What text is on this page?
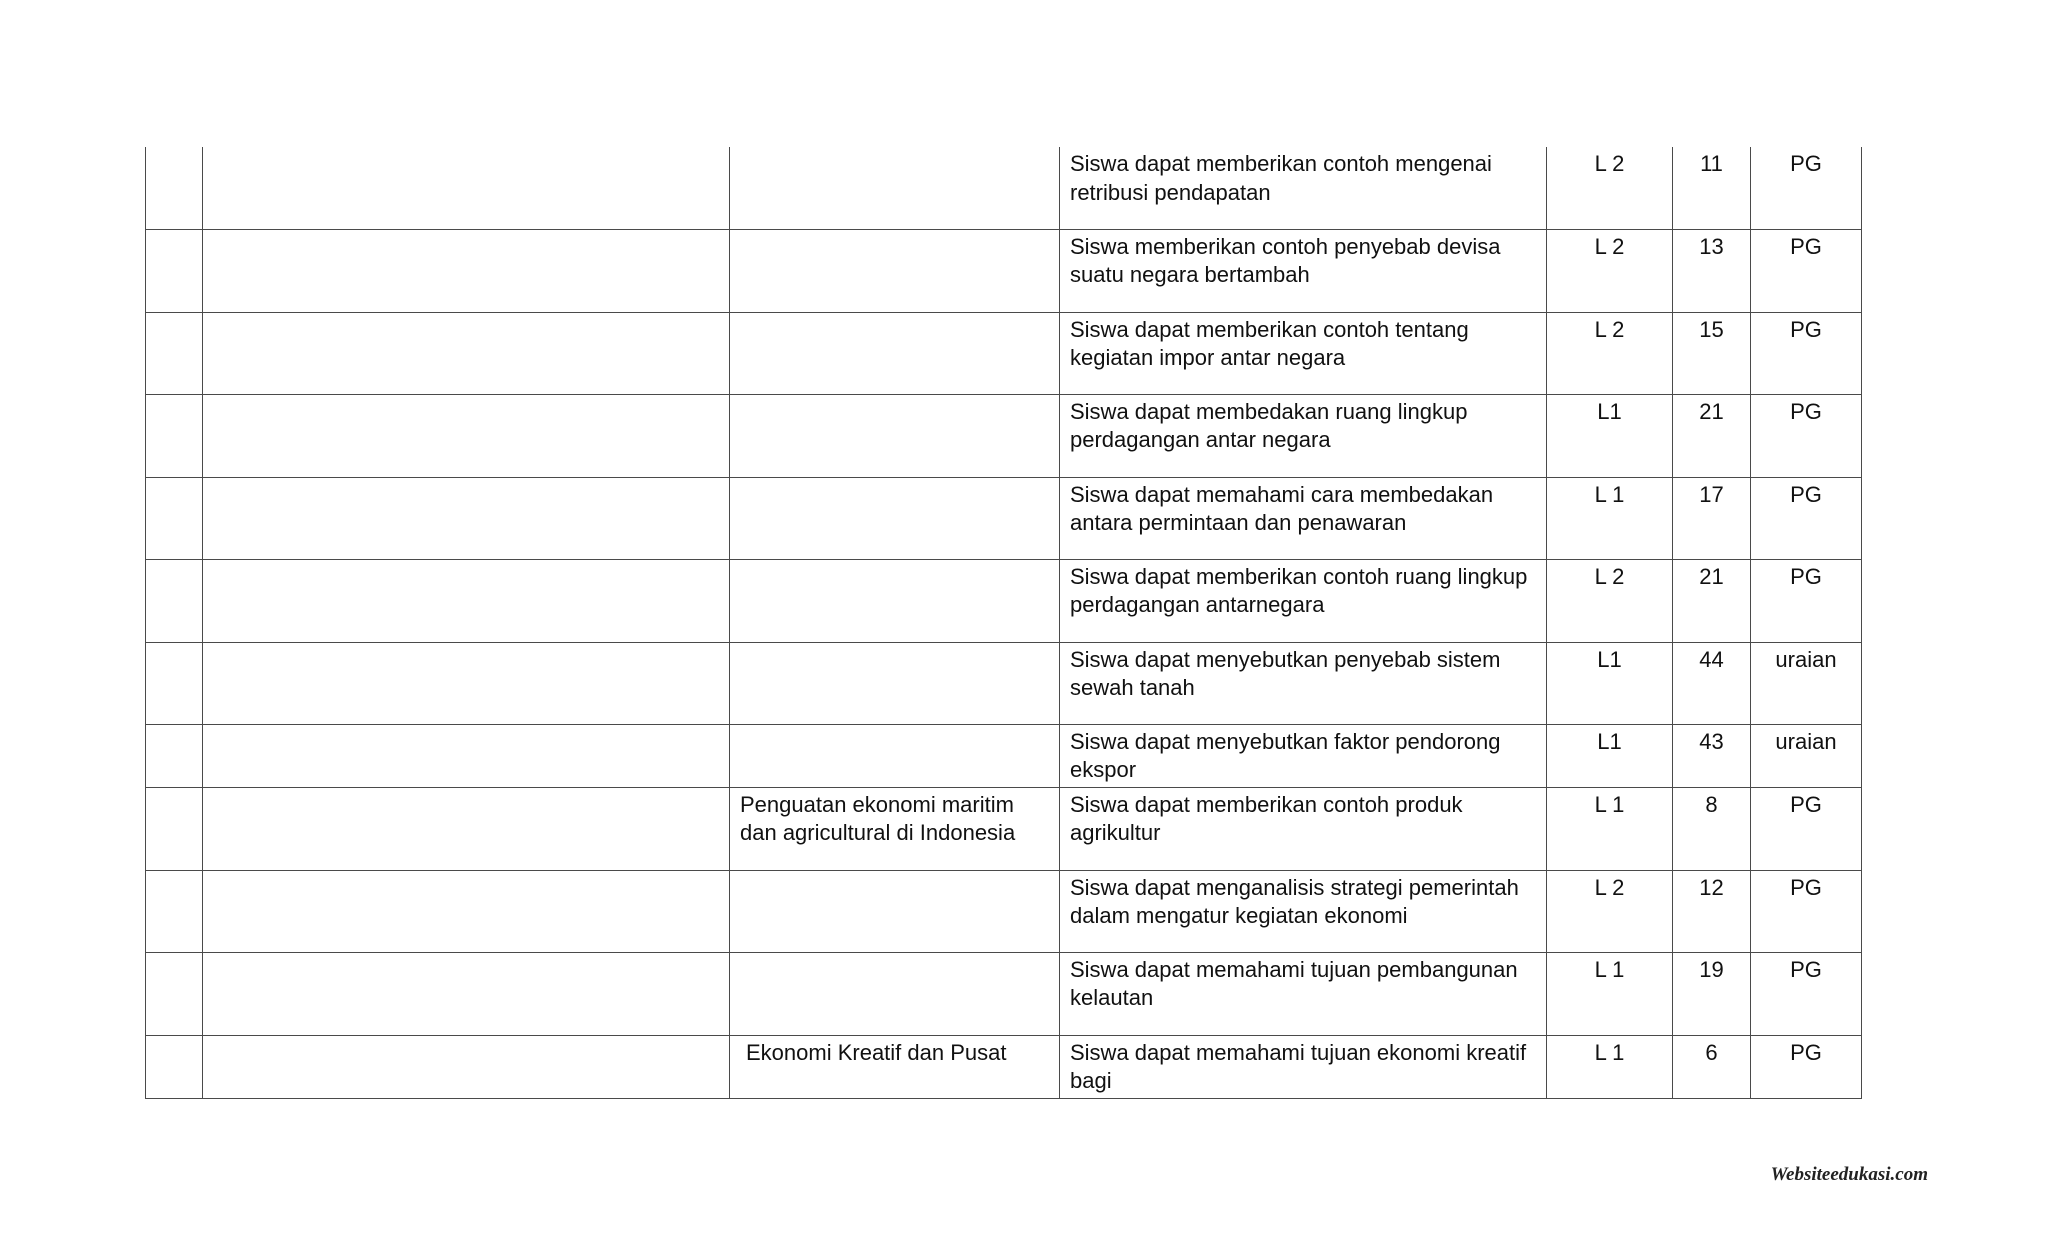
			Siswa dapat memberikan contoh mengenai retribusi pendapatan	L 2	11	PG
			Siswa memberikan contoh penyebab devisa suatu negara bertambah	L 2	13	PG
			Siswa dapat memberikan contoh tentang kegiatan impor antar negara	L 2	15	PG
			Siswa dapat membedakan ruang lingkup perdagangan antar negara	L1	21	PG
			Siswa dapat memahami cara membedakan antara permintaan dan penawaran	L 1	17	PG
			Siswa dapat memberikan contoh ruang lingkup perdagangan antarnegara	L 2	21	PG
			Siswa dapat menyebutkan penyebab sistem sewah tanah	L1	44	uraian
			Siswa dapat menyebutkan faktor pendorong ekspor	L1	43	uraian
		Penguatan ekonomi maritim dan agricultural di Indonesia	Siswa dapat memberikan contoh produk agrikultur	L 1	8	PG
			Siswa dapat menganalisis strategi pemerintah dalam mengatur kegiatan ekonomi	L 2	12	PG
			Siswa dapat memahami tujuan pembangunan kelautan	L 1	19	PG
		Ekonomi Kreatif dan Pusat	Siswa dapat memahami tujuan ekonomi kreatif bagi	L 1	6	PG
Websiteedukasi.com
